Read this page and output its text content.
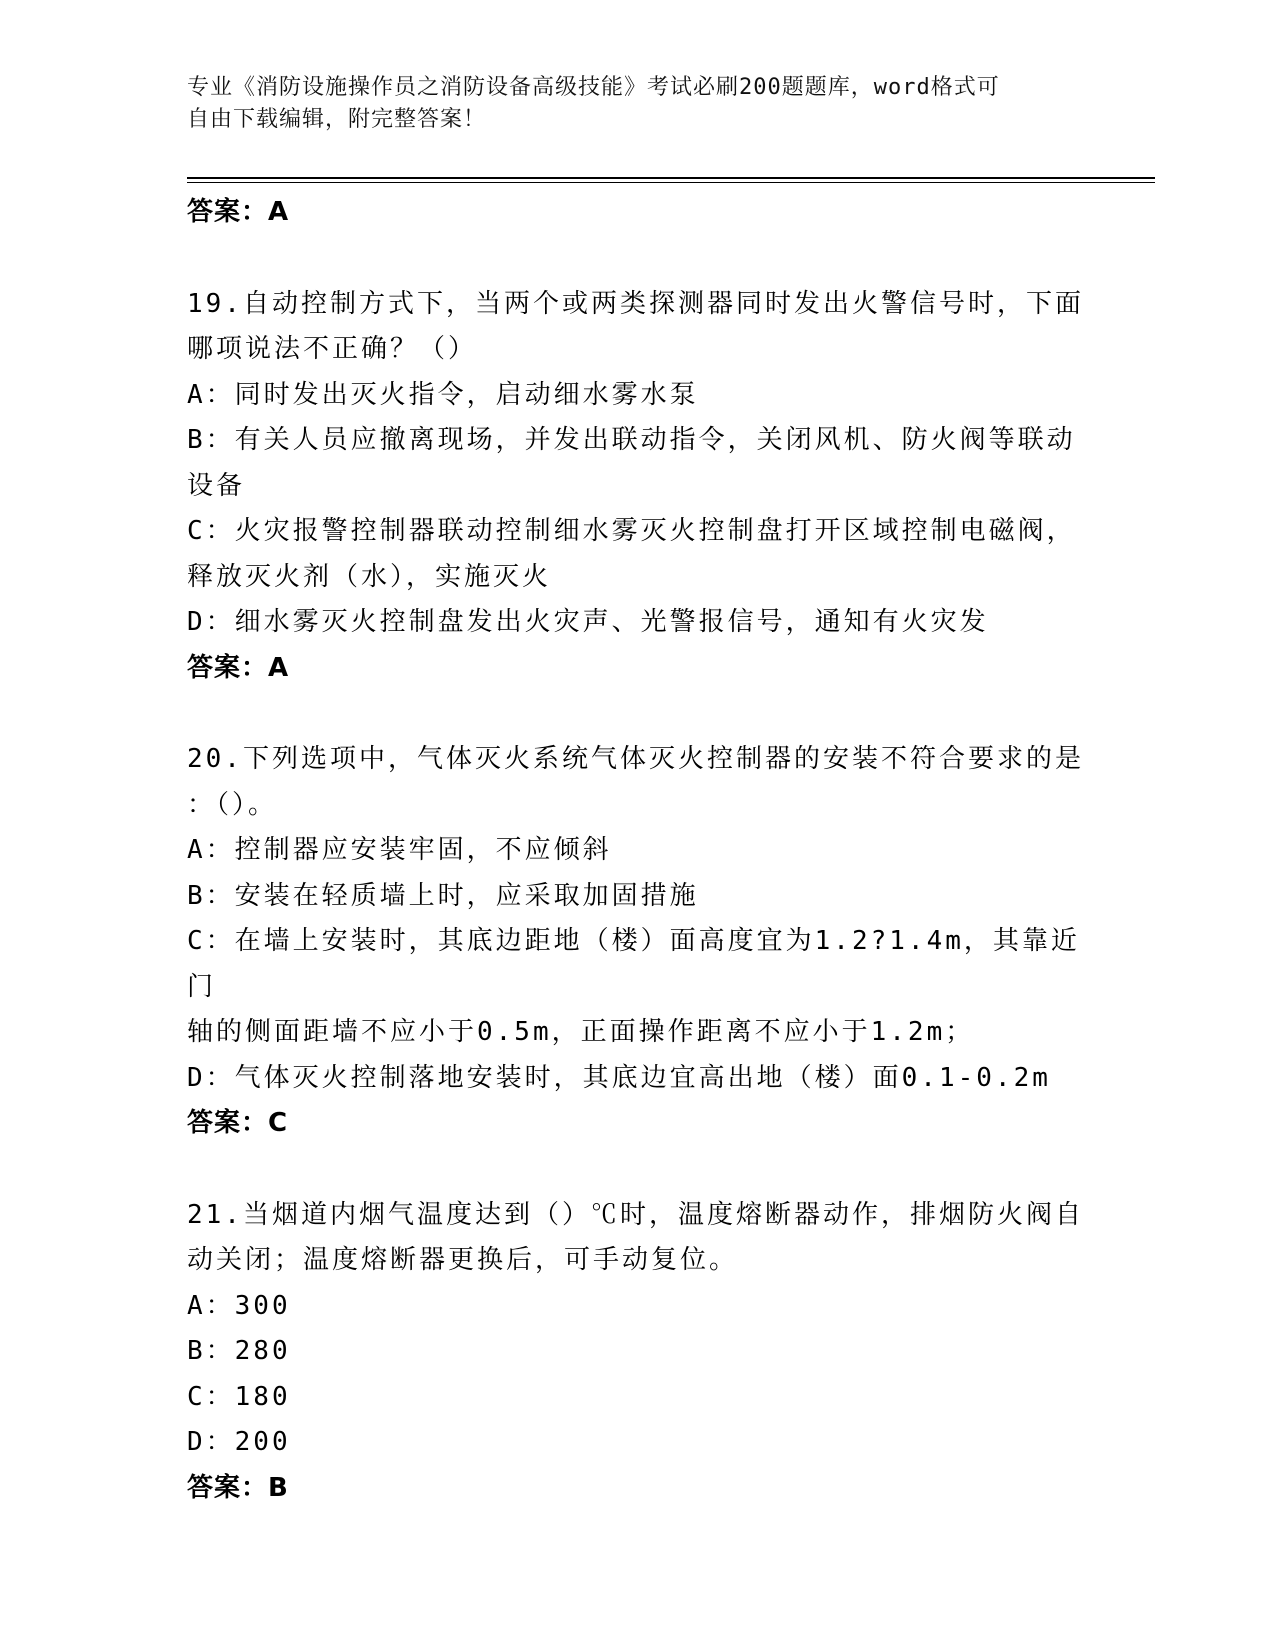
专业《消防设施操作员之消防设备高级技能》考试必刷200题题库，word格式可
自由下载编辑，附完整答案！
答案：A
19.自动控制方式下，当两个或两类探测器同时发出火警信号时，下面
哪项说法不正确？（）
A：同时发出灭火指令，启动细水雾水泵
B：有关人员应撤离现场，并发出联动指令，关闭风机、防火阀等联动
设备
C：火灾报警控制器联动控制细水雾灭火控制盘打开区域控制电磁阀，
释放灭火剂（水），实施灭火
D：细水雾灭火控制盘发出火灾声、光警报信号，通知有火灾发
答案：A
20.下列选项中，气体灭火系统气体灭火控制器的安装不符合要求的是
：（）。
A：控制器应安装牢固，不应倾斜
B：安装在轻质墙上时，应采取加固措施
C：在墙上安装时，其底边距地（楼）面高度宜为1.2?1.4m，其靠近门
轴的侧面距墙不应小于0.5m，正面操作距离不应小于1.2m；
D：气体灭火控制落地安装时，其底边宜高出地（楼）面0.1-0.2m
答案：C
21.当烟道内烟气温度达到（）℃时，温度熔断器动作，排烟防火阀自
动关闭；温度熔断器更换后，可手动复位。
A：300
B：280
C：180
D：200
答案：B
